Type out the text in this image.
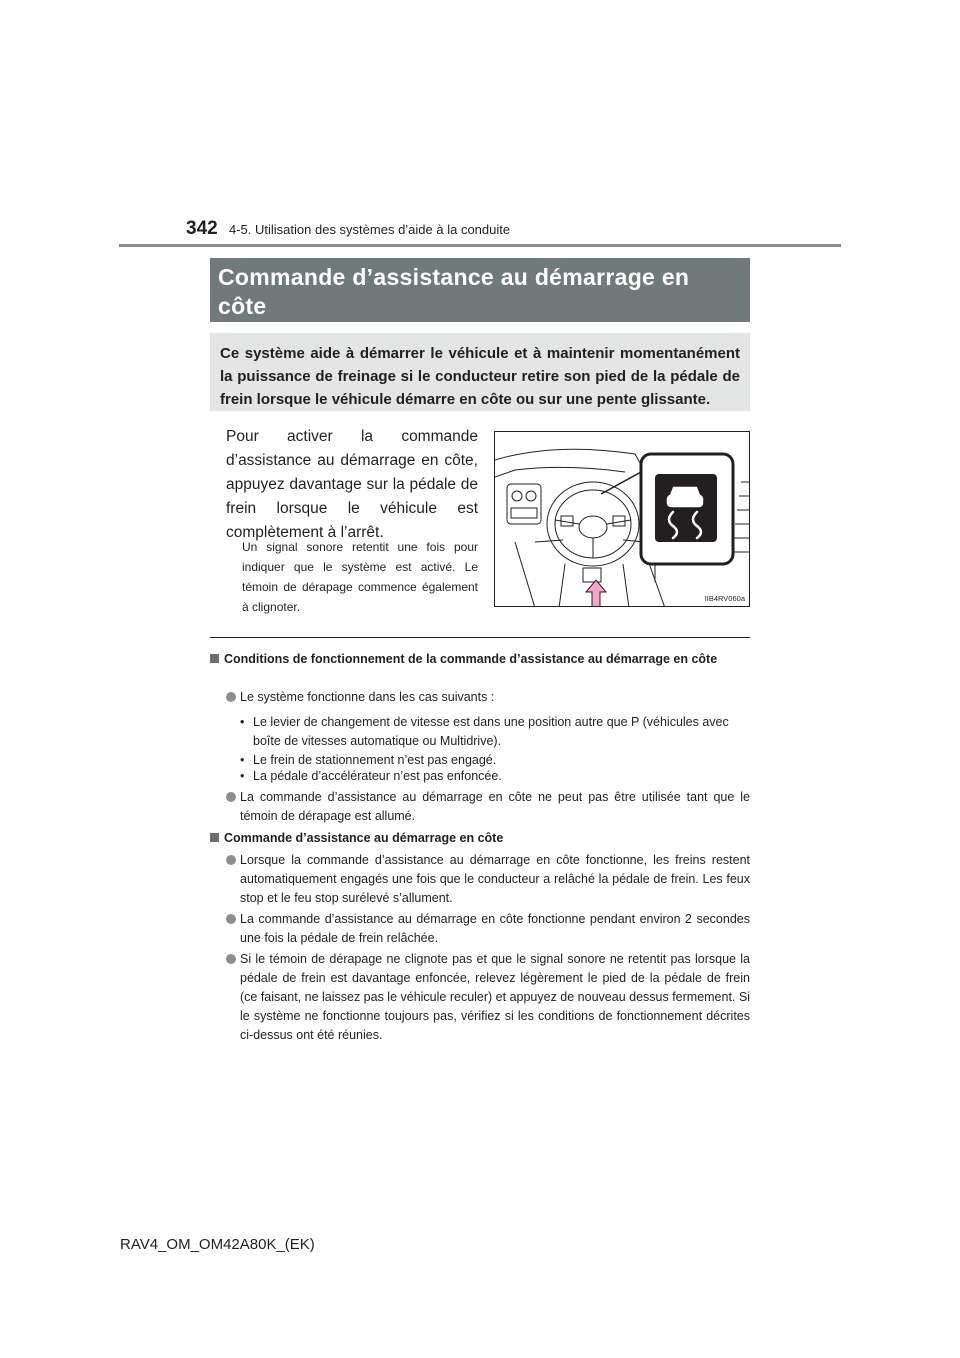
342 4-5. Utilisation des systèmes d’aide à la conduite
Commande d’assistance au démarrage en côte
Ce système aide à démarrer le véhicule et à maintenir momentanément la puissance de freinage si le conducteur retire son pied de la pédale de frein lorsque le véhicule démarre en côte ou sur une pente glissante.
Pour activer la commande d’assistance au démarrage en côte, appuyez davantage sur la pédale de frein lorsque le véhicule est complètement à l’arrêt.
Un signal sonore retentit une fois pour indiquer que le système est activé. Le témoin de dérapage commence également à clignoter.
IIB4RV060a
Conditions de fonctionnement de la commande d’assistance au démarrage en côte
Le système fonctionne dans les cas suivants :
• Le levier de changement de vitesse est dans une position autre que P (véhicules avec boîte de vitesses automatique ou Multidrive).
• Le frein de stationnement n’est pas engagé.
• La pédale d’accélérateur n’est pas enfoncée.
La commande d’assistance au démarrage en côte ne peut pas être utilisée tant que le témoin de dérapage est allumé.
Commande d’assistance au démarrage en côte
Lorsque la commande d’assistance au démarrage en côte fonctionne, les freins restent automatiquement engagés une fois que le conducteur a relâché la pédale de frein. Les feux stop et le feu stop surélevé s’allument.
La commande d’assistance au démarrage en côte fonctionne pendant environ 2 secondes une fois la pédale de frein relâchée.
Si le témoin de dérapage ne clignote pas et que le signal sonore ne retentit pas lorsque la pédale de frein est davantage enfoncée, relevez légèrement le pied de la pédale de frein (ce faisant, ne laissez pas le véhicule reculer) et appuyez de nouveau dessus fermement. Si le système ne fonctionne toujours pas, vérifiez si les conditions de fonctionnement décrites ci-dessus ont été réunies.
RAV4_OM_OM42A80K_(EK)
